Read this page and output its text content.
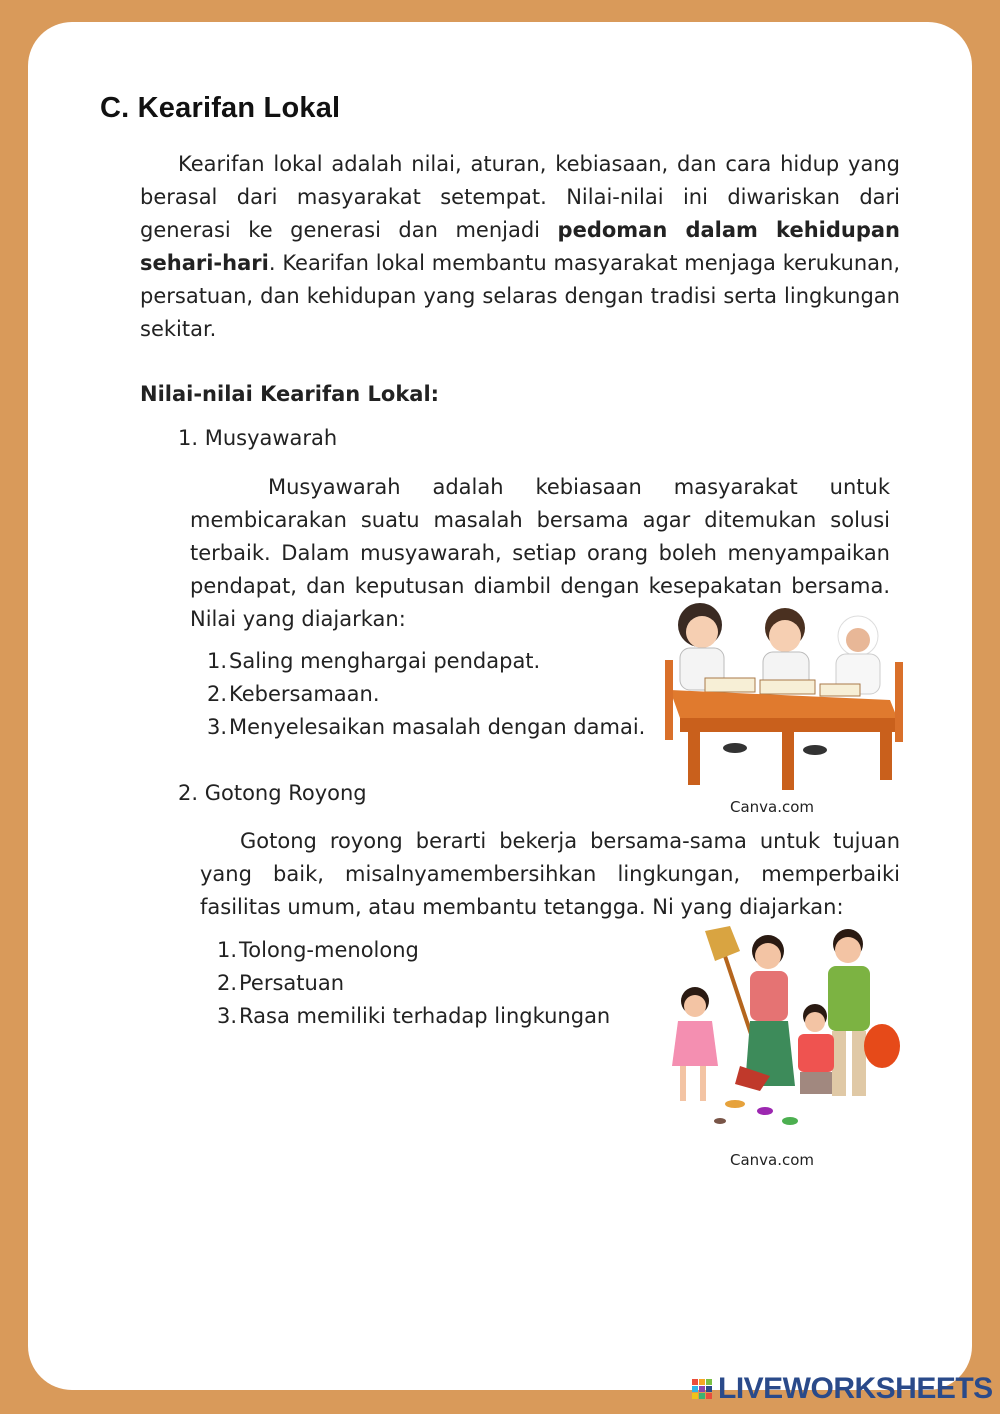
C. Kearifan Lokal
Kearifan lokal adalah nilai, aturan, kebiasaan, dan cara hidup yang berasal dari masyarakat setempat. Nilai-nilai ini diwariskan dari generasi ke generasi dan menjadi pedoman dalam kehidupan sehari-hari. Kearifan lokal membantu masyarakat menjaga kerukunan, persatuan, dan kehidupan yang selaras dengan tradisi serta lingkungan sekitar.
Nilai-nilai Kearifan Lokal:
1. Musyawarah
Musyawarah adalah kebiasaan masyarakat untuk membicarakan suatu masalah bersama agar ditemukan solusi terbaik. Dalam musyawarah, setiap orang boleh menyampaikan pendapat, dan keputusan diambil dengan kesepakatan bersama. Nilai yang diajarkan:
1. Saling menghargai pendapat.
2. Kebersamaan.
3. Menyelesaikan masalah dengan damai.
Canva.com
2. Gotong Royong
Gotong royong berarti bekerja bersama-sama untuk tujuan yang baik, misalnyamembersihkan lingkungan, memperbaiki fasilitas umum, atau membantu tetangga. Ni yang diajarkan:
1. Tolong-menolong
2. Persatuan
3. Rasa memiliki terhadap lingkungan
Canva.com
LIVEWORKSHEETS
